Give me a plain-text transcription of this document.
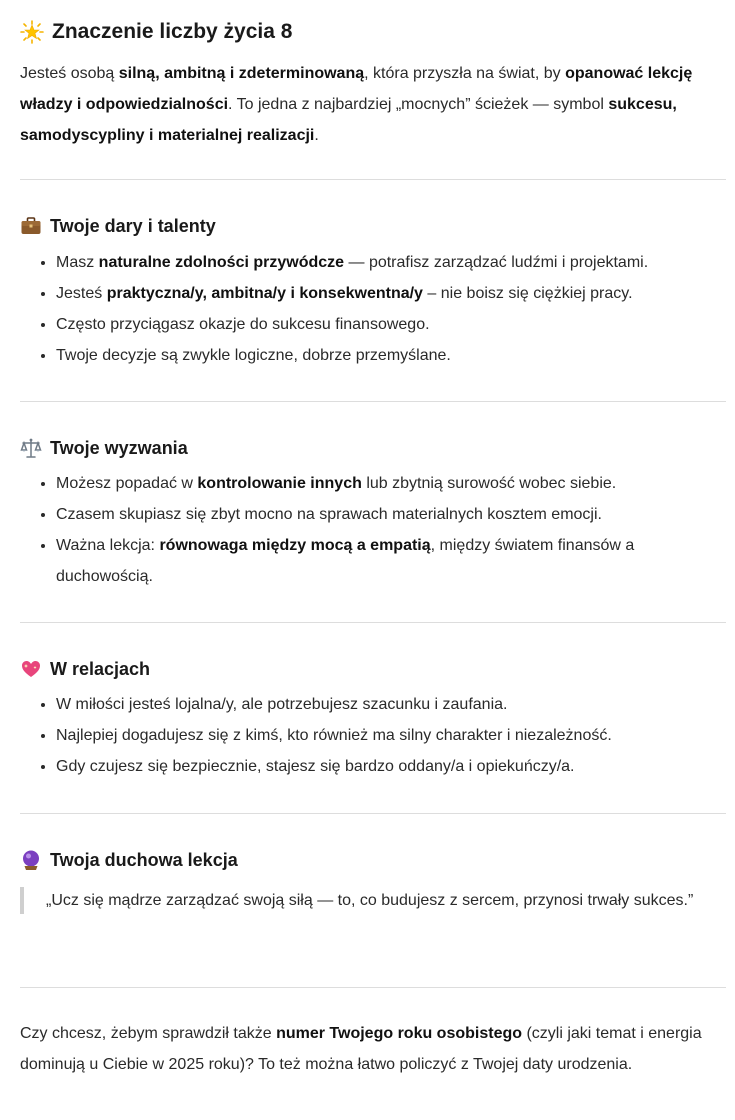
Znaczenie liczby życia 8
Jesteś osobą silną, ambitną i zdeterminowaną, która przyszła na świat, by opanować lekcję władzy i odpowiedzialności. To jedna z najbardziej „mocnych” ścieżek — symbol sukcesu, samodyscypliny i materialnej realizacji.
Twoje dary i talenty
• Masz naturalne zdolności przywódcze — potrafisz zarządzać ludźmi i projektami.
• Jesteś praktyczna/y, ambitna/y i konsekwentna/y – nie boisz się ciężkiej pracy.
• Często przyciągasz okazje do sukcesu finansowego.
• Twoje decyzje są zwykle logiczne, dobrze przemyślane.
Twoje wyzwania
• Możesz popadać w kontrolowanie innych lub zbytnią surowość wobec siebie.
• Czasem skupiasz się zbyt mocno na sprawach materialnych kosztem emocji.
• Ważna lekcja: równowaga między mocą a empatią, między światem finansów a duchowością.
W relacjach
• W miłości jesteś lojalna/y, ale potrzebujesz szacunku i zaufania.
• Najlepiej dogadujesz się z kimś, kto również ma silny charakter i niezależność.
• Gdy czujesz się bezpiecznie, stajesz się bardzo oddany/a i opiekuńczy/a.
Twoja duchowa lekcja
„Ucz się mądrze zarządzać swoją siłą — to, co budujesz z sercem, przynosi trwały sukces.”
Czy chcesz, żebym sprawdził także numer Twojego roku osobistego (czyli jaki temat i energia dominują u Ciebie w 2025 roku)? To też można łatwo policzyć z Twojej daty urodzenia.
